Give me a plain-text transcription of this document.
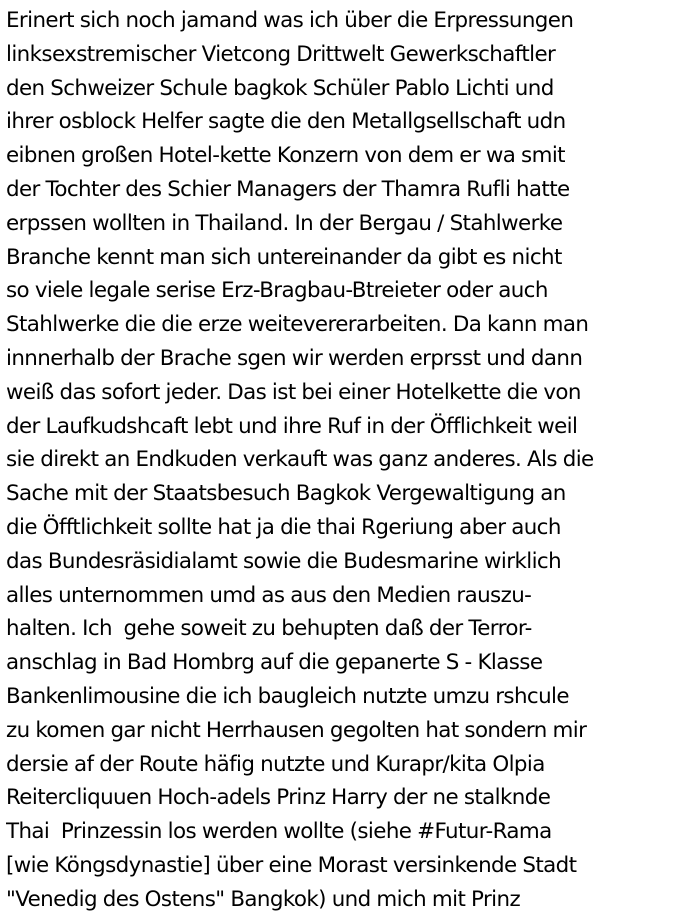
Erinert sich noch jamand was ich über die Erpressungen
linksexstremischer Vietcong Drittwelt Gewerkschaftler
den Schweizer Schule bagkok Schüler Pablo Lichti und
ihrer osblock Helfer sagte die den Metallgsellschaft udn
eibnen großen Hotel-kette Konzern von dem er wa smit
der Tochter des Schier Managers der Thamra Rufli hatte
erpssen wollten in Thailand. In der Bergau / Stahlwerke
Branche kennt man sich untereinander da gibt es nicht
so viele legale serise Erz-Bragbau-Btreieter oder auch
Stahlwerke die die erze weitevererarbeiten. Da kann man
innnerhalb der Brache sgen wir werden erprsst und dann
weiß das sofort jeder. Das ist bei einer Hotelkette die von
der Laufkudshcaft lebt und ihre Ruf in der Öfflichkeit weil
sie direkt an Endkuden verkauft was ganz anderes. Als die
Sache mit der Staatsbesuch Bagkok Vergewaltigung an
die Öfftlichkeit sollte hat ja die thai Rgeriung aber auch
das Bundesräsidialamt sowie die Budesmarine wirklich
alles unternommen umd as aus den Medien rauszu-
halten. Ich  gehe soweit zu behupten daß der Terror-
anschlag in Bad Hombrg auf die gepanerte S - Klasse
Bankenlimousine die ich baugleich nutzte umzu rshcule
zu komen gar nicht Herrhausen gegolten hat sondern mir
dersie af der Route häfig nutzte und Kurapr/kita Olpia
Reitercliquuen Hoch-adels Prinz Harry der ne stalknde
Thai  Prinzessin los werden wollte (siehe #Futur-Rama
[wie Köngsdynastie] über eine Morast versinkende Stadt
"Venedig des Ostens" Bangkok) und mich mit Prinz
